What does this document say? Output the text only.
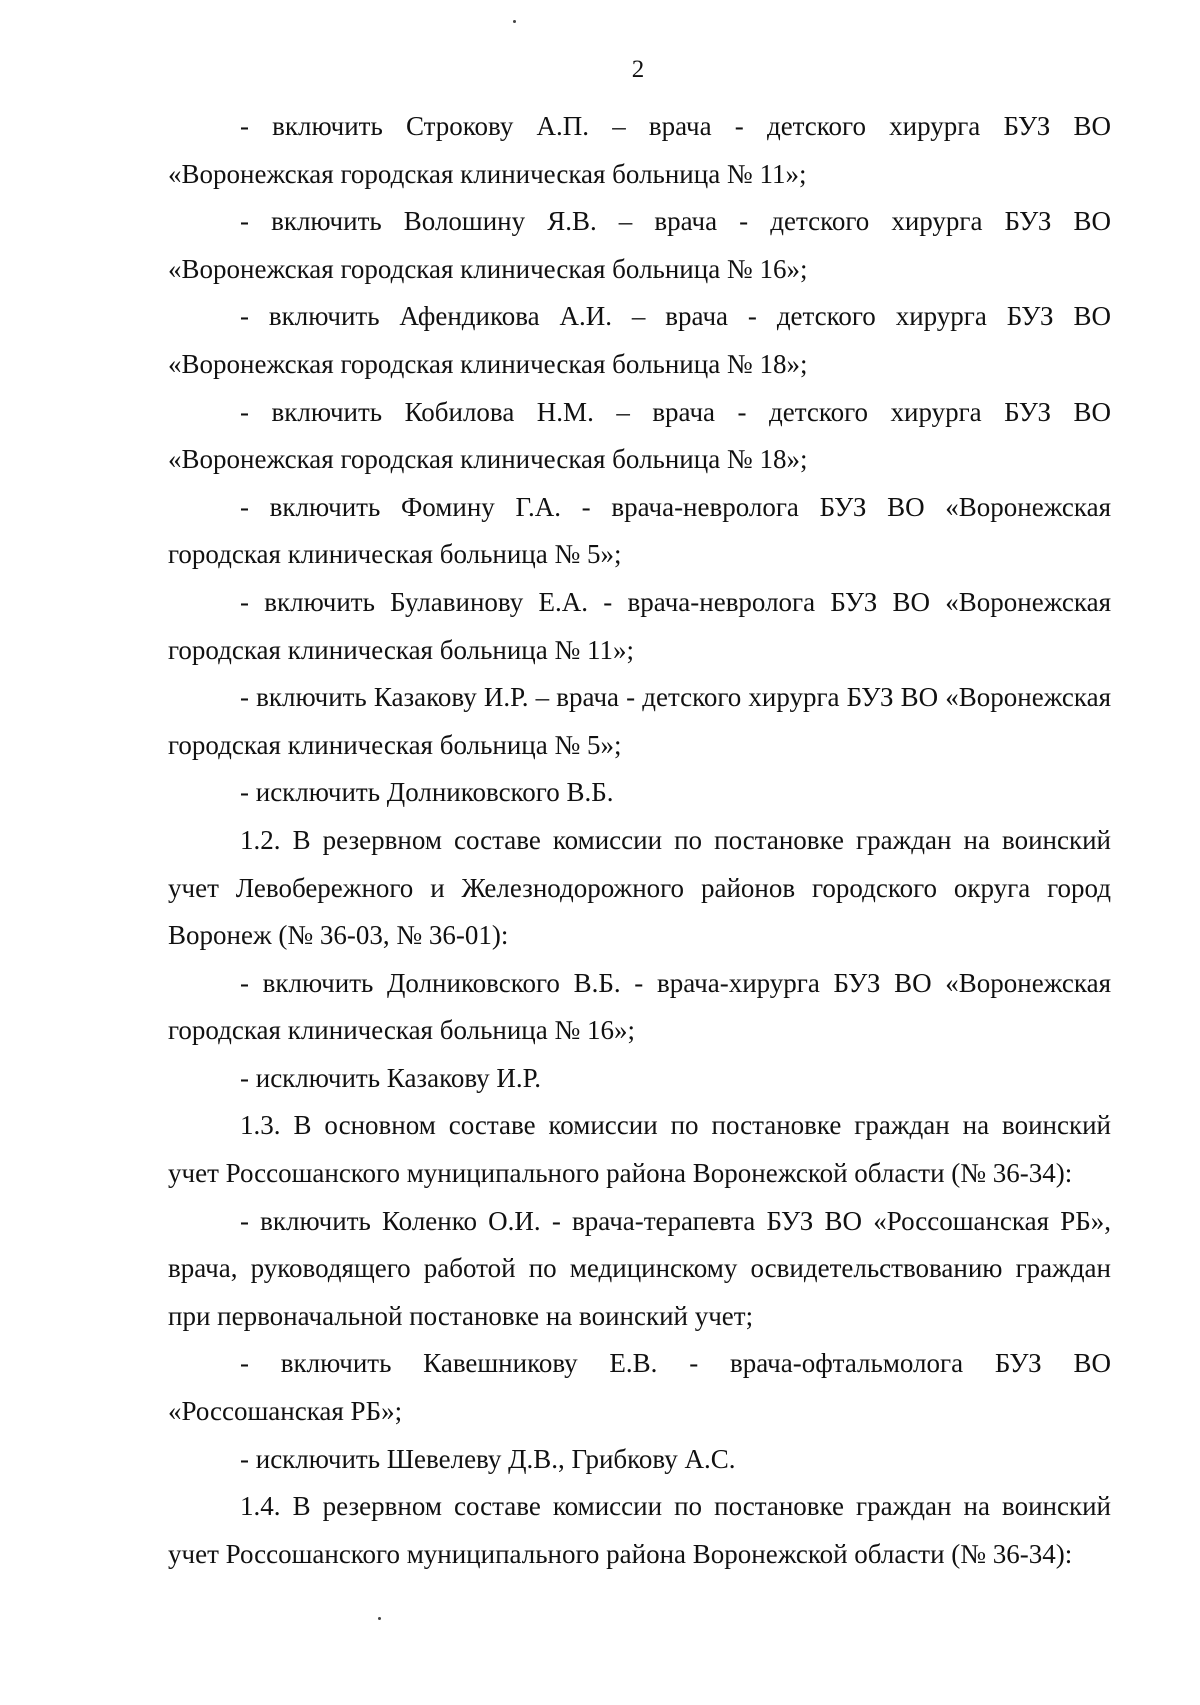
2

- включить Строкову А.П. – врача - детского хирурга БУЗ ВО «Воронежская городская клиническая больница № 11»;

- включить Волошину Я.В. – врача - детского хирурга БУЗ ВО «Воронежская городская клиническая больница № 16»;

- включить Афендикова А.И. – врача - детского хирурга БУЗ ВО «Воронежская городская клиническая больница № 18»;

- включить Кобилова Н.М. – врача - детского хирурга БУЗ ВО «Воронежская городская клиническая больница № 18»;

- включить Фомину Г.А. - врача-невролога БУЗ ВО «Воронежская городская клиническая больница № 5»;

- включить Булавинову Е.А. - врача-невролога БУЗ ВО «Воронежская городская клиническая больница № 11»;

- включить Казакову И.Р. – врача - детского хирурга БУЗ ВО «Воронежская городская клиническая больница № 5»;

- исключить Долниковского В.Б.

1.2. В резервном составе комиссии по постановке граждан на воинский учет Левобережного и Железнодорожного районов городского округа город Воронеж (№ 36-03, № 36-01):

- включить Долниковского В.Б. - врача-хирурга БУЗ ВО «Воронежская городская клиническая больница № 16»;

- исключить Казакову И.Р.

1.3. В основном составе комиссии по постановке граждан на воинский учет Россошанского муниципального района Воронежской области (№ 36-34):

- включить Коленко О.И. - врача-терапевта БУЗ ВО «Россошанская РБ», врача, руководящего работой по медицинскому освидетельствованию граждан при первоначальной постановке на воинский учет;

- включить Кавешникову Е.В. - врача-офтальмолога БУЗ ВО «Россошанская РБ»;

- исключить Шевелеву Д.В., Грибкову А.С.

1.4. В резервном составе комиссии по постановке граждан на воинский учет Россошанского муниципального района Воронежской области (№ 36-34):
